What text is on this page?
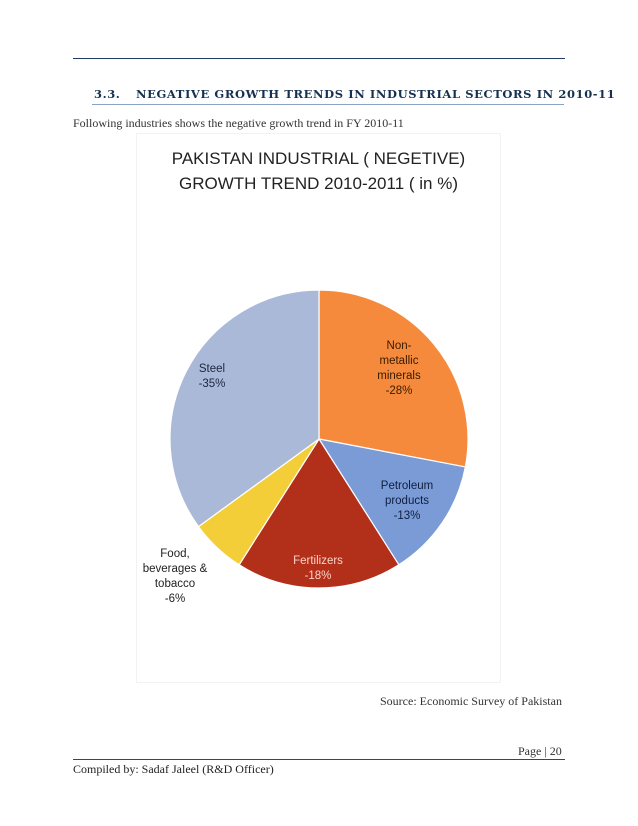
3.3. NEGATIVE GROWTH TRENDS IN INDUSTRIAL SECTORS IN 2010-11
Following industries shows the negative growth trend in FY 2010-11
PAKISTAN INDUSTRIAL ( NEGETIVE)
GROWTH TREND 2010-2011 ( in %)
Non-metallic minerals -28%
Petroleum products -13%
Fertilizers -18%
Food, beverages & tobacco -6%
Steel -35%
Source: Economic Survey of Pakistan
Page | 20
Compiled by: Sadaf Jaleel (R&D Officer)
